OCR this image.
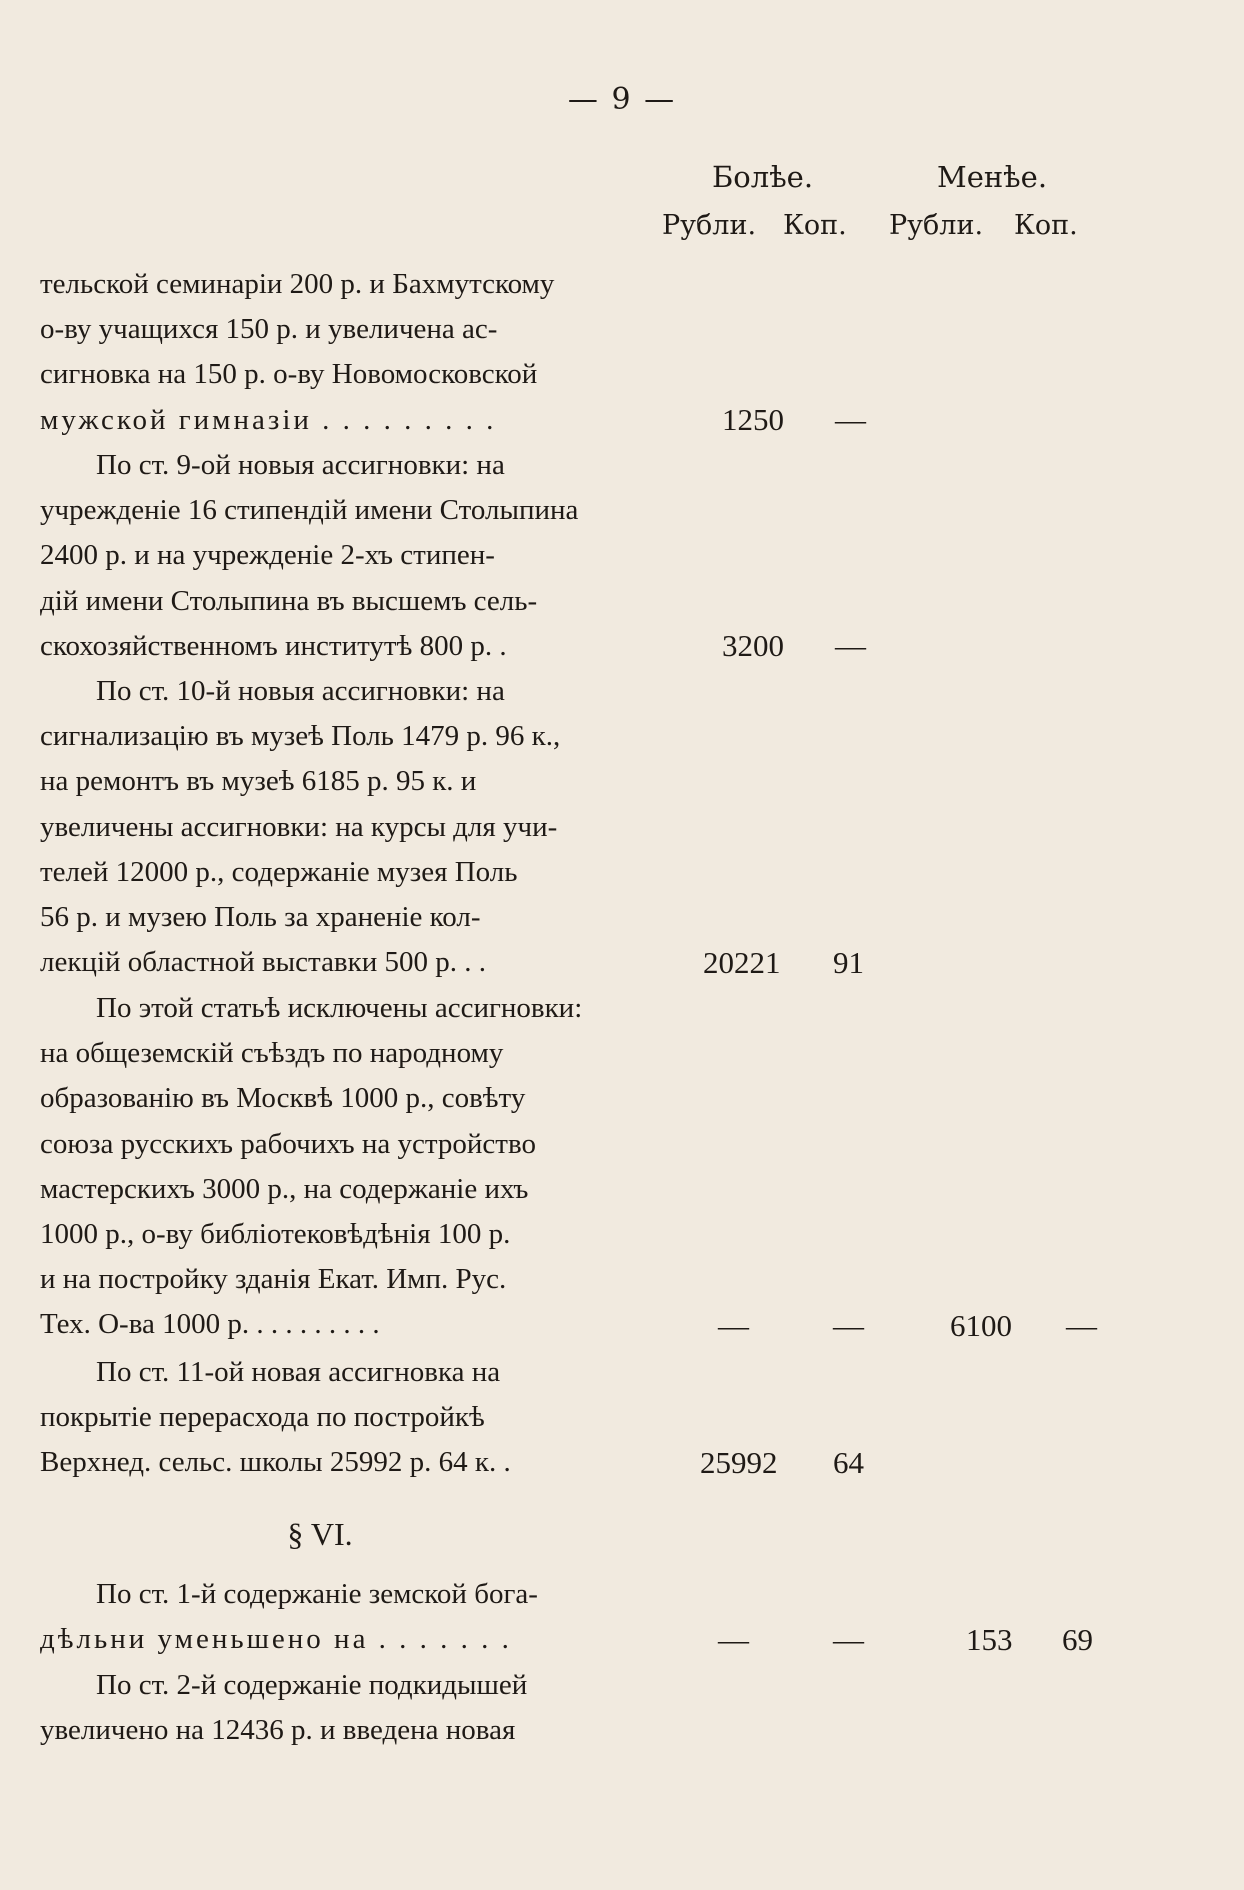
— 9 —
Болѣе.	Менѣе.
Рубли. Коп. Рубли. Коп.
тельской семинаріи 200 р. и Бахмутскому
о-ву учащихся 150 р. и увеличена ас-
сигновка на 150 р. о-ву Новомосковской
мужской гимназіи . . . . . . . . .	1250 —
По ст. 9-ой новыя ассигновки: на
учрежденіе 16 стипендій имени Столыпина
2400 р. и на учрежденіе 2-хъ стипен-
дій имени Столыпина въ высшемъ сель-
скохозяйственномъ институтѣ 800 р. .	3200 —
По ст. 10-й новыя ассигновки: на
сигнализацію въ музеѣ Поль 1479 р. 96 к.,
на ремонтъ въ музеѣ 6185 р. 95 к. и
увеличены ассигновки: на курсы для учи-
телей 12000 р., содержаніе музея Поль
56 р. и музею Поль за храненіе кол-
лекцій областной выставки 500 р. . .	20221 91
По этой статьѣ исключены ассигновки:
на общеземскій съѣздъ по народному
образованію въ Москвѣ 1000 р., совѣту
союза русскихъ рабочихъ на устройство
мастерскихъ 3000 р., на содержаніе ихъ
1000 р., о-ву библіотековѣдѣнія 100 р.
и на постройку зданія Екат. Имп. Рус.
Тех. О-ва 1000 р. . . . . . . . . .	—	—	6100 —
По ст. 11-ой новая ассигновка на
покрытіе перерасхода по постройкѣ
Верхнед. сельс. школы 25992 р. 64 к. .	25992 64
§ VI.
По ст. 1-й содержаніе земской бога-
дѣльни уменьшено на . . . . . . .	—	—	153 69
По ст. 2-й содержаніе подкидышей
увеличено на 12436 р. и введена новая
